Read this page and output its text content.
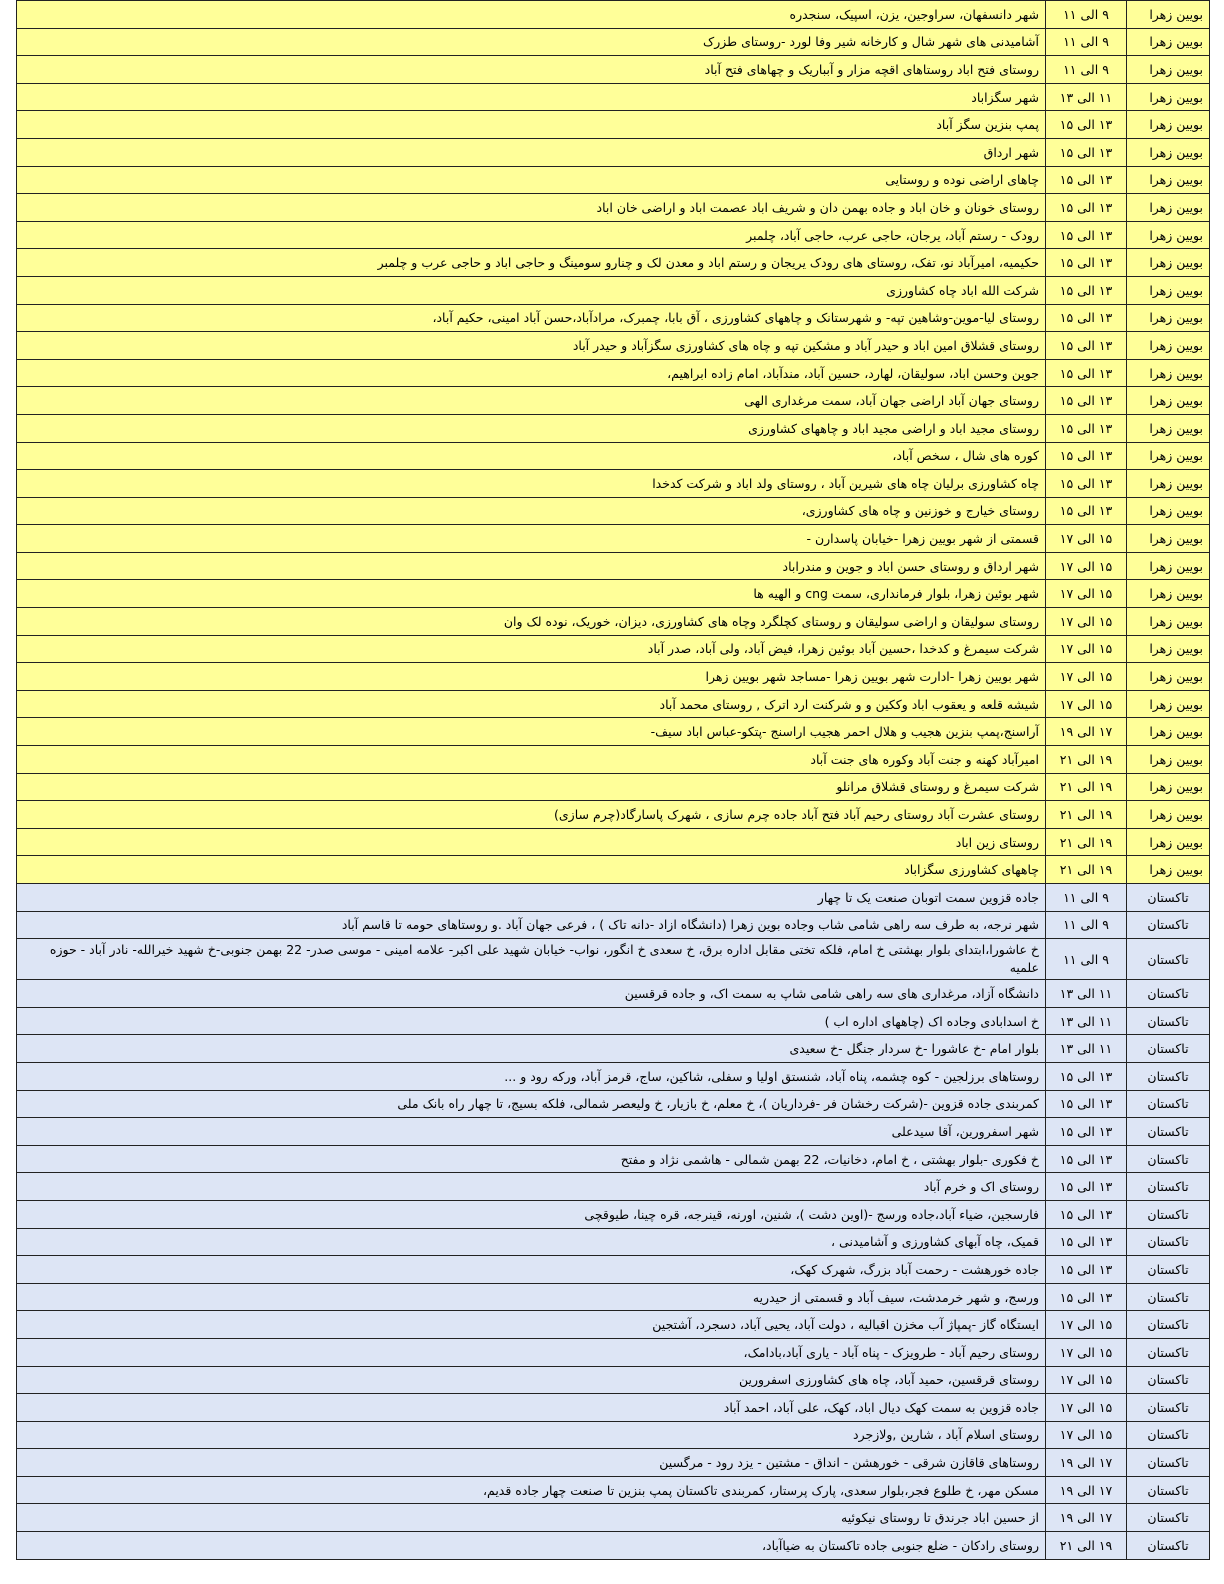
بویین زهرا	۹ الی ۱۱	شهر دانسفهان، سراوجین، یزن، اسپیک، سنجدره
بویین زهرا	۹ الی ۱۱	آشامیدنی های شهر شال و کارخانه شیر وفا لورد -روستای طزرک
بویین زهرا	۹ الی ۱۱	روستای فتح اباد روستاهای اقچه مزار و آبباریک و چهاهای فتح آباد
بویین زهرا	۱۱ الی ۱۳	شهر سگزاباد
بویین زهرا	۱۳ الی ۱۵	پمپ بنزین سگز آباد
بویین زهرا	۱۳ الی ۱۵	شهر ارداق
بویین زهرا	۱۳ الی ۱۵	چاهای اراضی نوده و روستایی
بویین زهرا	۱۳ الی ۱۵	روستای خونان و خان اباد و جاده بهمن دان و شریف اباد عصمت اباد و اراضی خان اباد
بویین زهرا	۱۳ الی ۱۵	رودک - رستم آباد، یرجان، حاجی عرب، حاجی آباد، چلمبر
بویین زهرا	۱۳ الی ۱۵	حکیمیه، امیرآباد نو، تفک، روستای های رودک یریجان و رستم اباد و معدن لک و چنارو سومینگ و حاجی اباد و حاجی عرب و چلمبر
بویین زهرا	۱۳ الی ۱۵	شرکت الله اباد چاه کشاورزی
بویین زهرا	۱۳ الی ۱۵	روستای لیا-موین-وشاهین تپه- و شهرستانک و چاههای کشاورزی ، آق بابا، چمبرک، مرادآباد،حسن آباد امینی، حکیم آباد،
بویین زهرا	۱۳ الی ۱۵	روستای قشلاق امین اباد و حیدر آباد و مشکین تپه و چاه های کشاورزی سگزآباد و حیدر آباد
بویین زهرا	۱۳ الی ۱۵	جوین وحسن اباد، سولیقان، لهارد، حسین آباد، مندآباد، امام زاده ابراهیم،
بویین زهرا	۱۳ الی ۱۵	روستای جهان آباد اراضی جهان آباد، سمت مرغداری الهی
بویین زهرا	۱۳ الی ۱۵	روستای مجید اباد و اراضی مجید اباد و چاههای کشاورزی
بویین زهرا	۱۳ الی ۱۵	کوره های شال ، سخص آباد،
بویین زهرا	۱۳ الی ۱۵	چاه کشاورزی برلیان چاه های شیرین آباد ، روستای ولد اباد و شرکت کدخدا
بویین زهرا	۱۳ الی ۱۵	روستای خیارج و خوزنین و چاه های کشاورزی،
بویین زهرا	۱۵ الی ۱۷	قسمتی از شهر بویین زهرا -خیابان پاسدارن -
بویین زهرا	۱۵ الی ۱۷	شهر ارداق و روستای حسن اباد و جوین و مندراباد
بویین زهرا	۱۵ الی ۱۷	شهر بوئین زهرا، بلوار فرمانداری، سمت cng و الهیه ها
بویین زهرا	۱۵ الی ۱۷	روستای سولیقان و اراضی سولیقان و روستای کچلگرد وچاه های کشاورزی، دیزان، خوریک، نوده لک وان
بویین زهرا	۱۵ الی ۱۷	شرکت سیمرغ و کدخدا ،حسین آباد بوئین زهرا، فیض آباد، ولی آباد، صدر آباد
بویین زهرا	۱۵ الی ۱۷	شهر بویین زهرا -ادارت شهر بویین زهرا -مساجد شهر بویین زهرا
بویین زهرا	۱۵ الی ۱۷	شیشه قلعه و یعقوب اباد وککین و و شرکنت ارد اترک , روستای محمد آباد
بویین زهرا	۱۷ الی ۱۹	آراسنج،پمپ بنزین هجیب و هلال احمر هجیب اراسنج -پتکو-عباس اباد سیف-
بویین زهرا	۱۹ الی ۲۱	امیرآباد کهنه و جنت آباد وکوره های جنت آباد
بویین زهرا	۱۹ الی ۲۱	شرکت سیمرغ و روستای قشلاق مرانلو
بویین زهرا	۱۹ الی ۲۱	روستای عشرت آباد روستای رحیم آباد فتح آباد جاده چرم سازی ، شهرک پاسارگاد(چرم سازی)
بویین زهرا	۱۹ الی ۲۱	روستای زین اباد
بویین زهرا	۱۹ الی ۲۱	چاههای کشاورزی سگزاباد
تاکستان	۹ الی ۱۱	جاده قزوین سمت اتوبان صنعت یک تا چهار
تاکستان	۹ الی ۱۱	شهر نرجه، به طرف سه راهی شامی شاب وجاده بوین زهرا (دانشگاه ازاد -دانه تاک ) ، فرعی جهان آباد .و روستاهای حومه تا قاسم آباد
تاکستان	۹ الی ۱۱	خ عاشورا،ابتدای بلوار بهشتی خ امام، فلکه تختی مقابل اداره برق، خ سعدی خ انگور، نواب- خیابان شهید علی اکبر- علامه امینی - موسی صدر- 22 بهمن جنوبی-خ شهید خیرالله- نادر آباد - حوزه علمیه
تاکستان	۱۱ الی ۱۳	دانشگاه آزاد، مرغداری های سه راهی شامی شاپ به سمت اک، و جاده قرقسین
تاکستان	۱۱ الی ۱۳	خ اسدابادی وجاده اک (چاههای اداره اب )
تاکستان	۱۱ الی ۱۳	بلوار امام -خ عاشورا -خ سردار جنگل -خ سعیدی
تاکستان	۱۳ الی ۱۵	روستاهای برزلجین - کوه چشمه، پناه آباد، شنستق اولیا و سفلی، شاکین، ساج، قرمز آباد، ورکه رود و ...
تاکستان	۱۳ الی ۱۵	کمربندی جاده قزوین -(شرکت رخشان فر -فرداریان )، خ معلم، خ بازیار، خ ولیعصر شمالی، فلکه بسیج، تا چهار راه بانک ملی
تاکستان	۱۳ الی ۱۵	شهر اسفرورین، آقا سیدعلی
تاکستان	۱۳ الی ۱۵	خ فکوری -بلوار بهشتی ، خ امام، دخانیات، 22 بهمن شمالی - هاشمی نژاد و مفتح
تاکستان	۱۳ الی ۱۵	روستای اک و خرم آباد
تاکستان	۱۳ الی ۱۵	فارسجین، ضیاء آباد،جاده ورسج -(اوین دشت )، شنین، اورنه، قینرجه، قره چینا، طیوقچی
تاکستان	۱۳ الی ۱۵	قمیک، چاه آبهای کشاورزی و آشامیدنی ،
تاکستان	۱۳ الی ۱۵	جاده خورهشت - رحمت آباد بزرگ، شهرک کهک،
تاکستان	۱۳ الی ۱۵	ورسج، و شهر خرمدشت، سیف آباد و قسمتی از حیدریه
تاکستان	۱۵ الی ۱۷	ایستگاه گاز -پمپاژ آب مخزن اقبالیه ، دولت آباد، یحیی آباد، دسجرد، آشتجین
تاکستان	۱۵ الی ۱۷	روستای رحیم آباد - طرویزک - پناه آباد - یاری آباد،بادامک،
تاکستان	۱۵ الی ۱۷	روستای قرقسین، حمید آباد، چاه های کشاورزی اسفرورین
تاکستان	۱۵ الی ۱۷	جاده قزوین به سمت کهک دیال اباد، کهک، علی آباد، احمد آباد
تاکستان	۱۵ الی ۱۷	روستای اسلام آباد ، شارین ,ولازجرد
تاکستان	۱۷ الی ۱۹	روستاهای قاقازن شرقی - خورهشن - انداق - مشتین - یزد رود - مرگسین
تاکستان	۱۷ الی ۱۹	مسکن مهر، خ طلوع فجر،بلوار سعدی، پارک پرستار، کمربندی تاکستان پمپ بنزین تا صنعت چهار جاده قدیم،
تاکستان	۱۷ الی ۱۹	از حسین اباد جرندق تا روستای نیکوئیه
تاکستان	۱۹ الی ۲۱	روستای رادکان - ضلع جنوبی جاده تاکستان به ضیاآباد،
